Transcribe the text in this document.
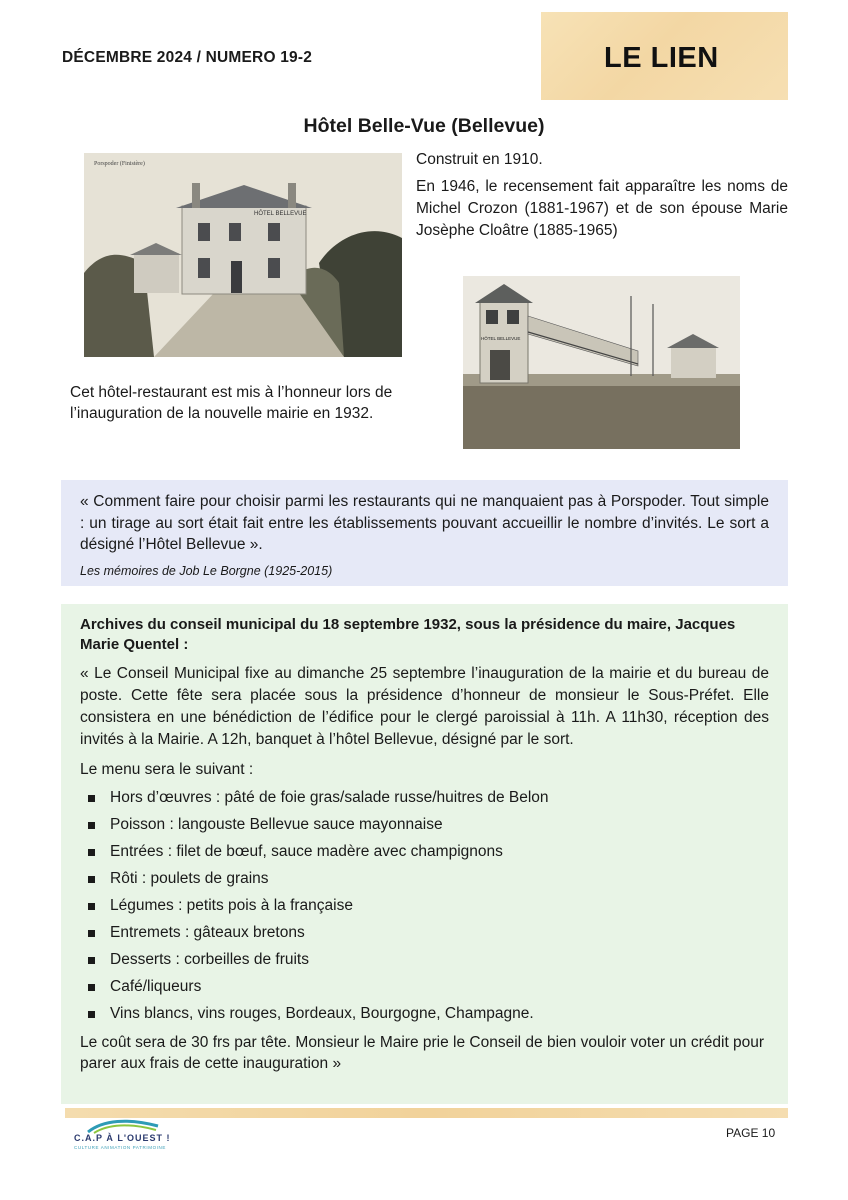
DÉCEMBRE 2024 / NUMERO 19-2	LE LIEN
Hôtel Belle-Vue (Bellevue)
Porspoder (Finistère)
HÔTEL BELLEVUE
Construit en 1910.
En 1946, le recensement fait apparaître les noms de Michel Crozon (1881-1967) et de son épouse Marie Josèphe Cloâtre (1885-1965)
HÔTEL BELLEVUE
Cet hôtel-restaurant est mis à l’honneur lors de l’inauguration de la nouvelle mairie en 1932.
« Comment faire pour choisir parmi les restaurants qui ne manquaient pas à Porspoder. Tout simple : un tirage au sort était fait entre les établissements pouvant accueillir le nombre d’invités. Le sort a désigné l’Hôtel Bellevue ».
Les mémoires de Job Le Borgne (1925-2015)
Archives du conseil municipal du 18 septembre 1932, sous la présidence du maire, Jacques Marie Quentel :
« Le Conseil Municipal fixe au dimanche 25 septembre l’inauguration de la mairie et du bureau de poste. Cette fête sera placée sous la présidence d’honneur de monsieur le Sous-Préfet. Elle consistera en une bénédiction de l’édifice pour le clergé paroissial à 11h. A 11h30, réception des invités à la Mairie. A 12h, banquet à l’hôtel Bellevue, désigné par le sort.
Le menu sera le suivant :
Hors d’œuvres : pâté de foie gras/salade russe/huitres de Belon
Poisson : langouste Bellevue sauce mayonnaise
Entrées : filet de bœuf, sauce madère avec champignons
Rôti : poulets de grains
Légumes : petits pois à la française
Entremets : gâteaux bretons
Desserts : corbeilles de fruits
Café/liqueurs
Vins blancs, vins rouges, Bordeaux, Bourgogne, Champagne.
Le coût sera de 30 frs par tête. Monsieur le Maire prie le Conseil de bien vouloir voter un crédit pour parer aux frais de cette inauguration »
C.A.P À L'OUEST !
CULTURE ANIMATION PATRIMOINE
PAGE 10
